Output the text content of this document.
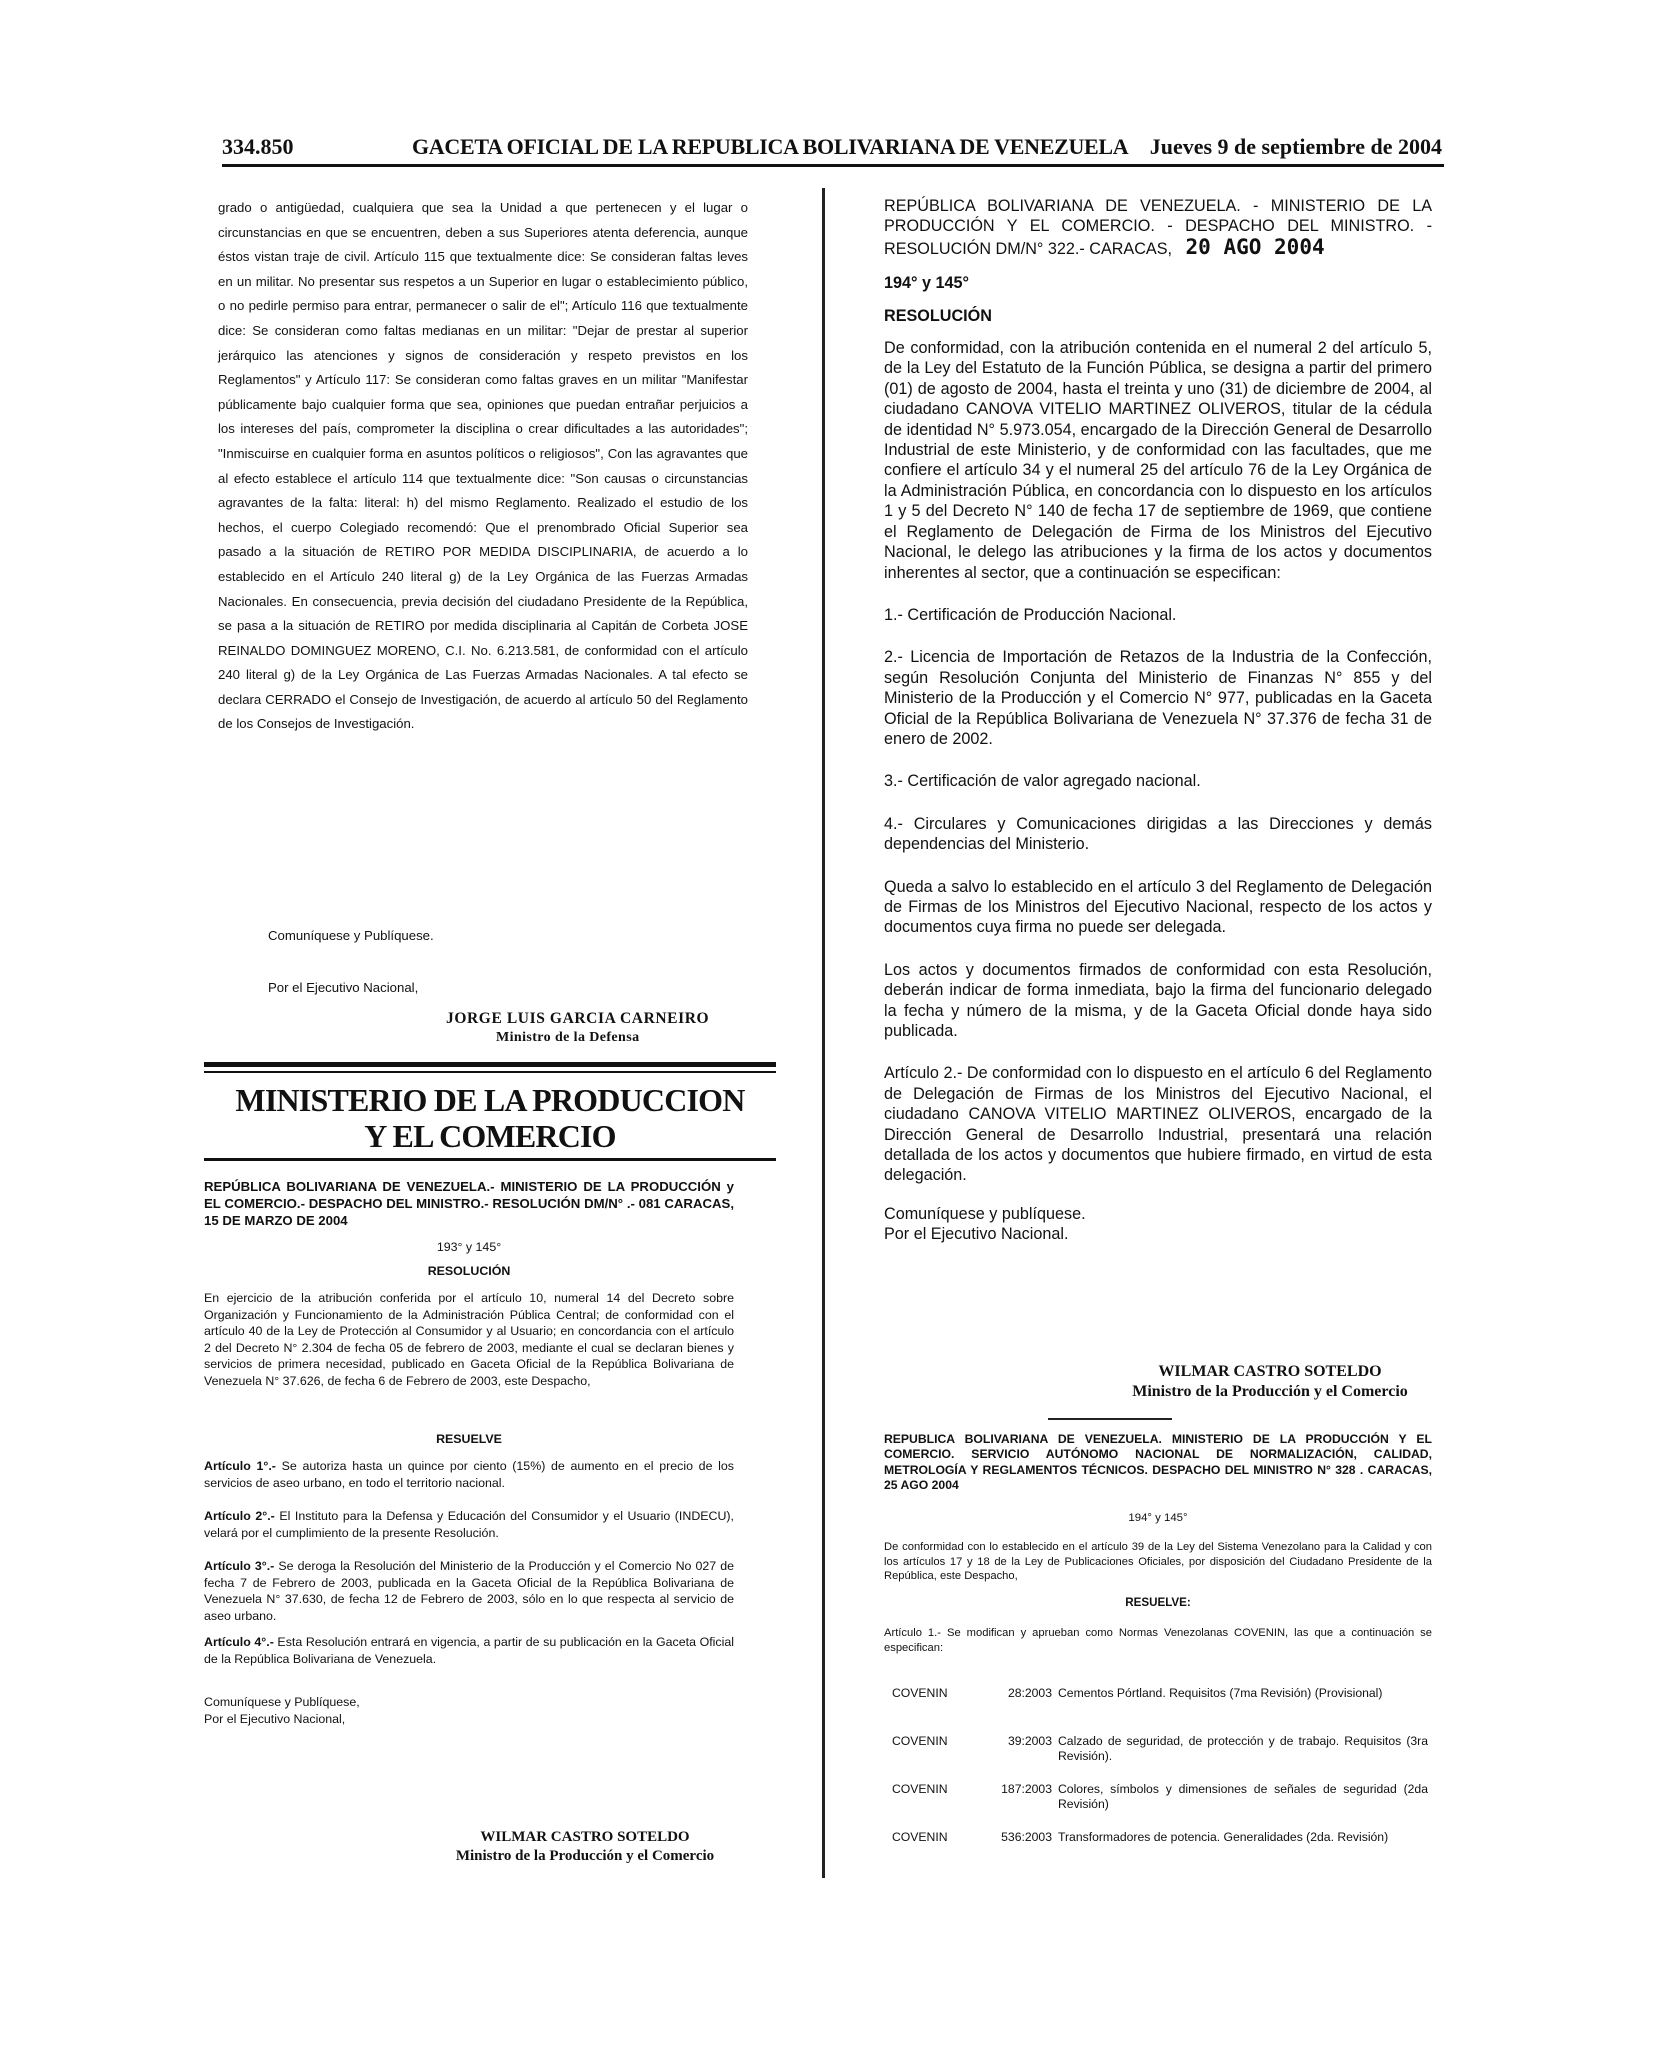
334.850	GACETA OFICIAL DE LA REPUBLICA BOLIVARIANA DE VENEZUELA Jueves 9 de septiembre de 2004

grado o antigüedad, cualquiera que sea la Unidad a que pertenecen y el lugar o circunstancias en que se encuentren, deben a sus Superiores atenta deferencia, aunque éstos vistan traje de civil. Artículo 115 que textualmente dice: Se consideran faltas leves en un militar. No presentar sus respetos a un Superior en lugar o establecimiento público, o no pedirle permiso para entrar, permanecer o salir de el"; Artículo 116 que textualmente dice: Se consideran como faltas medianas en un militar: "Dejar de prestar al superior jerárquico las atenciones y signos de consideración y respeto previstos en los Reglamentos" y Artículo 117: Se consideran como faltas graves en un militar "Manifestar públicamente bajo cualquier forma que sea, opiniones que puedan entrañar perjuicios a los intereses del país, comprometer la disciplina o crear dificultades a las autoridades"; "Inmiscuirse en cualquier forma en asuntos políticos o religiosos", Con las agravantes que al efecto establece el artículo 114 que textualmente dice: "Son causas o circunstancias agravantes de la falta: literal: h) del mismo Reglamento. Realizado el estudio de los hechos, el cuerpo Colegiado recomendó: Que el prenombrado Oficial Superior sea pasado a la situación de RETIRO POR MEDIDA DISCIPLINARIA, de acuerdo a lo establecido en el Artículo 240 literal g) de la Ley Orgánica de las Fuerzas Armadas Nacionales. En consecuencia, previa decisión del ciudadano Presidente de la República, se pasa a la situación de RETIRO por medida disciplinaria al Capitán de Corbeta JOSE REINALDO DOMINGUEZ MORENO, C.I. No. 6.213.581, de conformidad con el artículo 240 literal g) de la Ley Orgánica de Las Fuerzas Armadas Nacionales. A tal efecto se declara CERRADO el Consejo de Investigación, de acuerdo al artículo 50 del Reglamento de los Consejos de Investigación.

Comuníquese y Publíquese.
Por el Ejecutivo Nacional,
JORGE LUIS GARCIA CARNEIRO
Ministro de la Defensa
MINISTERIO DE LA PRODUCCION
Y EL COMERCIO
REPÚBLICA BOLIVARIANA DE VENEZUELA.- MINISTERIO DE LA PRODUCCIÓN y EL COMERCIO.- DESPACHO DEL MINISTRO.- RESOLUCIÓN DM/N° .- 081 CARACAS, 15 DE MARZO DE 2004
193° y 145°
RESOLUCIÓN
En ejercicio de la atribución conferida por el artículo 10, numeral 14 del Decreto sobre Organización y Funcionamiento de la Administración Pública Central; de conformidad con el artículo 40 de la Ley de Protección al Consumidor y al Usuario; en concordancia con el artículo 2 del Decreto N° 2.304 de fecha 05 de febrero de 2003, mediante el cual se declaran bienes y servicios de primera necesidad, publicado en Gaceta Oficial de la República Bolivariana de Venezuela N° 37.626, de fecha 6 de Febrero de 2003, este Despacho,
RESUELVE
Artículo 1°.- Se autoriza hasta un quince por ciento (15%) de aumento en el precio de los servicios de aseo urbano, en todo el territorio nacional.
Artículo 2°.- El Instituto para la Defensa y Educación del Consumidor y el Usuario (INDECU), velará por el cumplimiento de la presente Resolución.
Artículo 3°.- Se deroga la Resolución del Ministerio de la Producción y el Comercio No 027 de fecha 7 de Febrero de 2003, publicada en la Gaceta Oficial de la República Bolivariana de Venezuela N° 37.630, de fecha 12 de Febrero de 2003, sólo en lo que respecta al servicio de aseo urbano.
Artículo 4°.- Esta Resolución entrará en vigencia, a partir de su publicación en la Gaceta Oficial de la República Bolivariana de Venezuela.
Comuníquese y Publíquese,
Por el Ejecutivo Nacional,
WILMAR CASTRO SOTELDO
Ministro de la Producción y el Comercio

REPÚBLICA BOLIVARIANA DE VENEZUELA. - MINISTERIO DE LA PRODUCCIÓN Y EL COMERCIO. - DESPACHO DEL MINISTRO. - RESOLUCIÓN DM/N° 322.- CARACAS, 20 AGO 2004

194° y 145°

RESOLUCIÓN

De conformidad, con la atribución contenida en el numeral 2 del artículo 5, de la Ley del Estatuto de la Función Pública, se designa a partir del primero (01) de agosto de 2004, hasta el treinta y uno (31) de diciembre de 2004, al ciudadano CANOVA VITELIO MARTINEZ OLIVEROS, titular de la cédula de identidad N° 5.973.054, encargado de la Dirección General de Desarrollo Industrial de este Ministerio, y de conformidad con las facultades, que me confiere el artículo 34 y el numeral 25 del artículo 76 de la Ley Orgánica de la Administración Pública, en concordancia con lo dispuesto en los artículos 1 y 5 del Decreto N° 140 de fecha 17 de septiembre de 1969, que contiene el Reglamento de Delegación de Firma de los Ministros del Ejecutivo Nacional, le delego las atribuciones y la firma de los actos y documentos inherentes al sector, que a continuación se especifican:

1.- Certificación de Producción Nacional.

2.- Licencia de Importación de Retazos de la Industria de la Confección, según Resolución Conjunta del Ministerio de Finanzas N° 855 y del Ministerio de la Producción y el Comercio N° 977, publicadas en la Gaceta Oficial de la República Bolivariana de Venezuela N° 37.376 de fecha 31 de enero de 2002.

3.- Certificación de valor agregado nacional.

4.- Circulares y Comunicaciones dirigidas a las Direcciones y demás dependencias del Ministerio.

Queda a salvo lo establecido en el artículo 3 del Reglamento de Delegación de Firmas de los Ministros del Ejecutivo Nacional, respecto de los actos y documentos cuya firma no puede ser delegada.

Los actos y documentos firmados de conformidad con esta Resolución, deberán indicar de forma inmediata, bajo la firma del funcionario delegado la fecha y número de la misma, y de la Gaceta Oficial donde haya sido publicada.

Artículo 2.- De conformidad con lo dispuesto en el artículo 6 del Reglamento de Delegación de Firmas de los Ministros del Ejecutivo Nacional, el ciudadano CANOVA VITELIO MARTINEZ OLIVEROS, encargado de la Dirección General de Desarrollo Industrial, presentará una relación detallada de los actos y documentos que hubiere firmado, en virtud de esta delegación.

Comuníquese y publíquese.

Por el Ejecutivo Nacional.

WILMAR CASTRO SOTELDO
Ministro de la Producción y el Comercio
REPUBLICA BOLIVARIANA DE VENEZUELA. MINISTERIO DE LA PRODUCCIÓN Y EL COMERCIO. SERVICIO AUTÓNOMO NACIONAL DE NORMALIZACIÓN, CALIDAD, METROLOGÍA Y REGLAMENTOS TÉCNICOS. DESPACHO DEL MINISTRO N° 328 . CARACAS, 25 AGO 2004
194° y 145°
De conformidad con lo establecido en el artículo 39 de la Ley del Sistema Venezolano para la Calidad y con los artículos 17 y 18 de la Ley de Publicaciones Oficiales, por disposición del Ciudadano Presidente de la República, este Despacho,
RESUELVE:
Artículo 1.- Se modifican y aprueban como Normas Venezolanas COVENIN, las que a continuación se especifican:
COVENIN	28:2003 Cementos Pórtland. Requisitos (7ma Revisión) (Provisional)
COVENIN	39:2003 Calzado de seguridad, de protección y de trabajo. Requisitos (3ra Revisión).
COVENIN	187:2003 Colores, símbolos y dimensiones de señales de seguridad (2da Revisión)
COVENIN	536:2003 Transformadores de potencia. Generalidades (2da. Revisión)
